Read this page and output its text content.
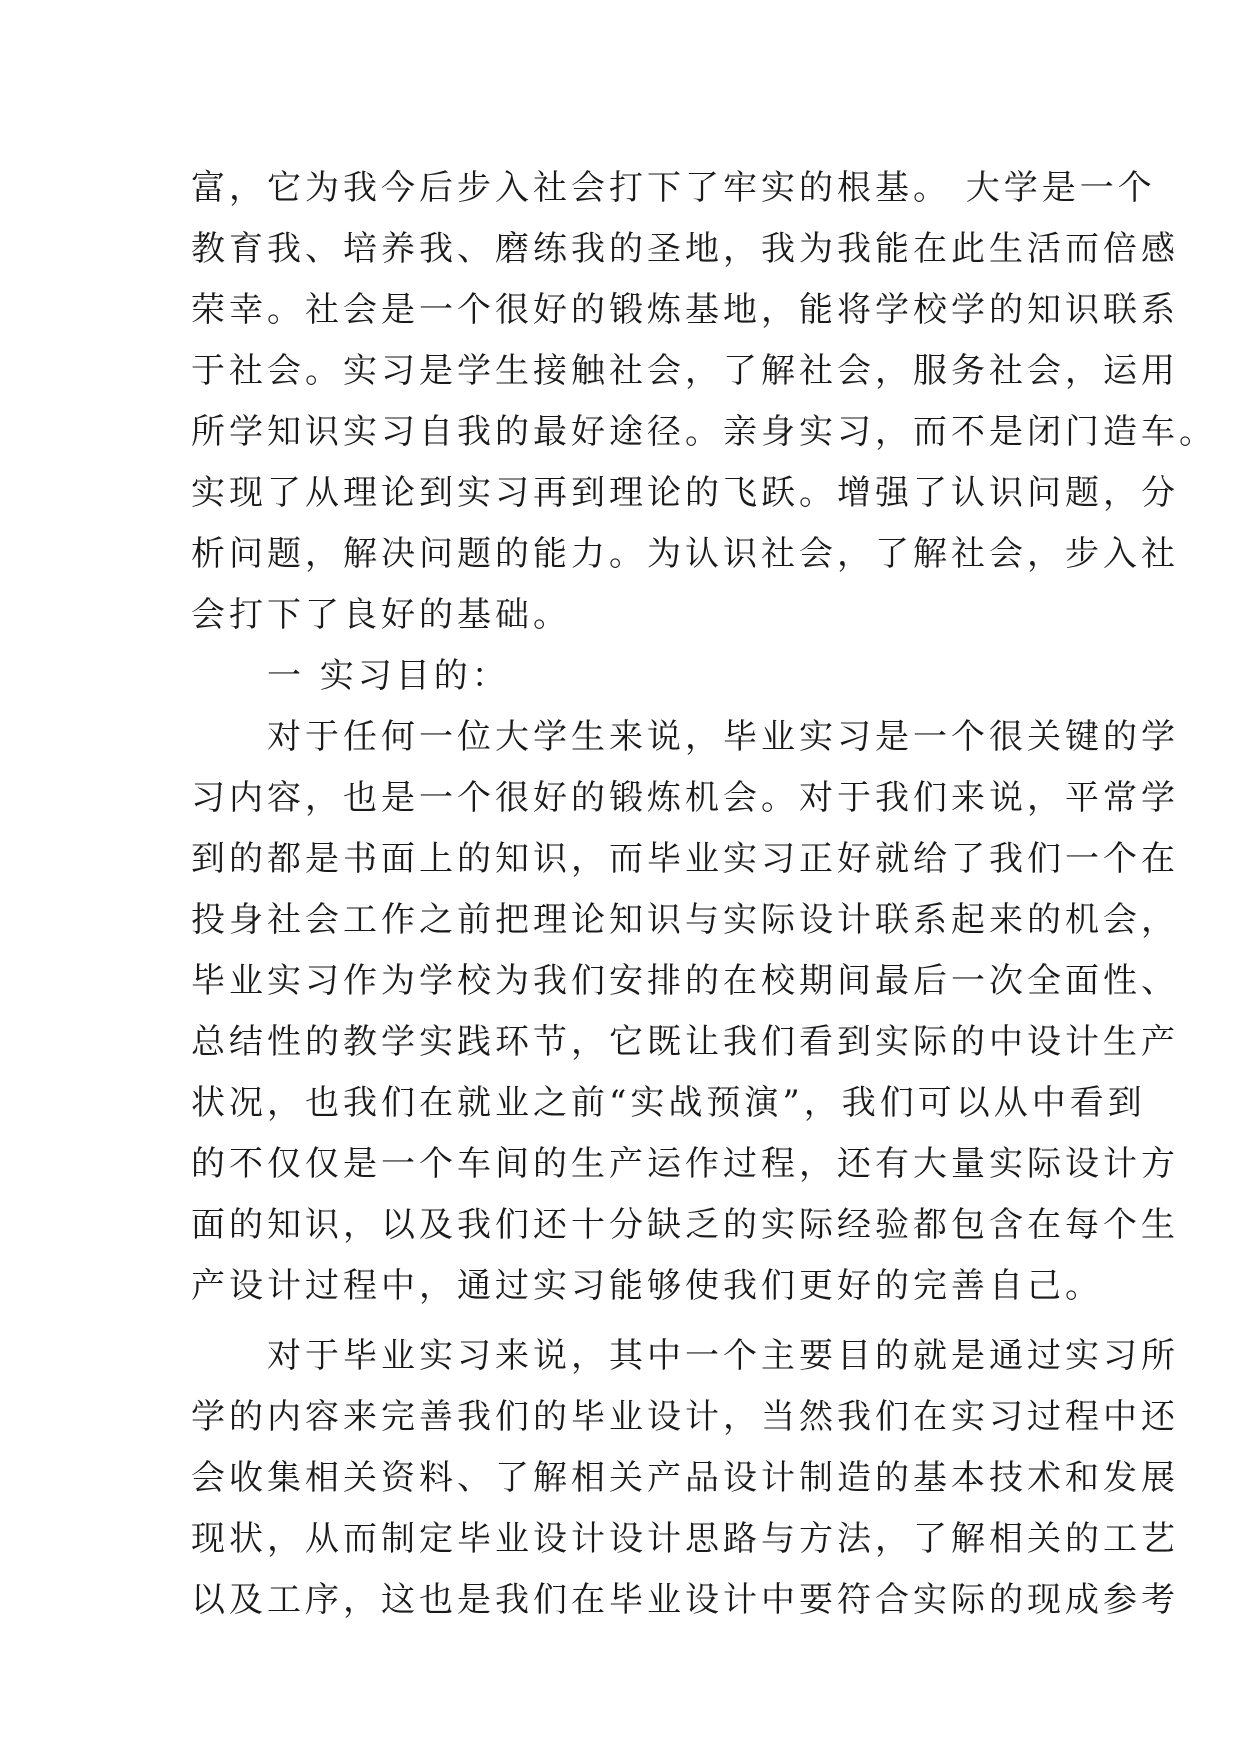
富，它为我今后步入社会打下了牢实的根基。 大学是一个

教育我、培养我、磨练我的圣地，我为我能在此生活而倍感

荣幸。社会是一个很好的锻炼基地，能将学校学的知识联系

于社会。实习是学生接触社会，了解社会，服务社会，运用

所学知识实习自我的最好途径。亲身实习，而不是闭门造车。

实现了从理论到实习再到理论的飞跃。增强了认识问题，分

析问题，解决问题的能力。为认识社会，了解社会，步入社

会打下了良好的基础。

　　一 实习目的：

　　对于任何一位大学生来说，毕业实习是一个很关键的学

习内容，也是一个很好的锻炼机会。对于我们来说，平常学

到的都是书面上的知识，而毕业实习正好就给了我们一个在

投身社会工作之前把理论知识与实际设计联系起来的机会，

毕业实习作为学校为我们安排的在校期间最后一次全面性、

总结性的教学实践环节，它既让我们看到实际的中设计生产

状况，也我们在就业之前“实战预演”，我们可以从中看到

的不仅仅是一个车间的生产运作过程，还有大量实际设计方

面的知识，以及我们还十分缺乏的实际经验都包含在每个生

产设计过程中，通过实习能够使我们更好的完善自己。

　　对于毕业实习来说，其中一个主要目的就是通过实习所

学的内容来完善我们的毕业设计，当然我们在实习过程中还

会收集相关资料、了解相关产品设计制造的基本技术和发展

现状，从而制定毕业设计设计思路与方法，了解相关的工艺

以及工序，这也是我们在毕业设计中要符合实际的现成参考
